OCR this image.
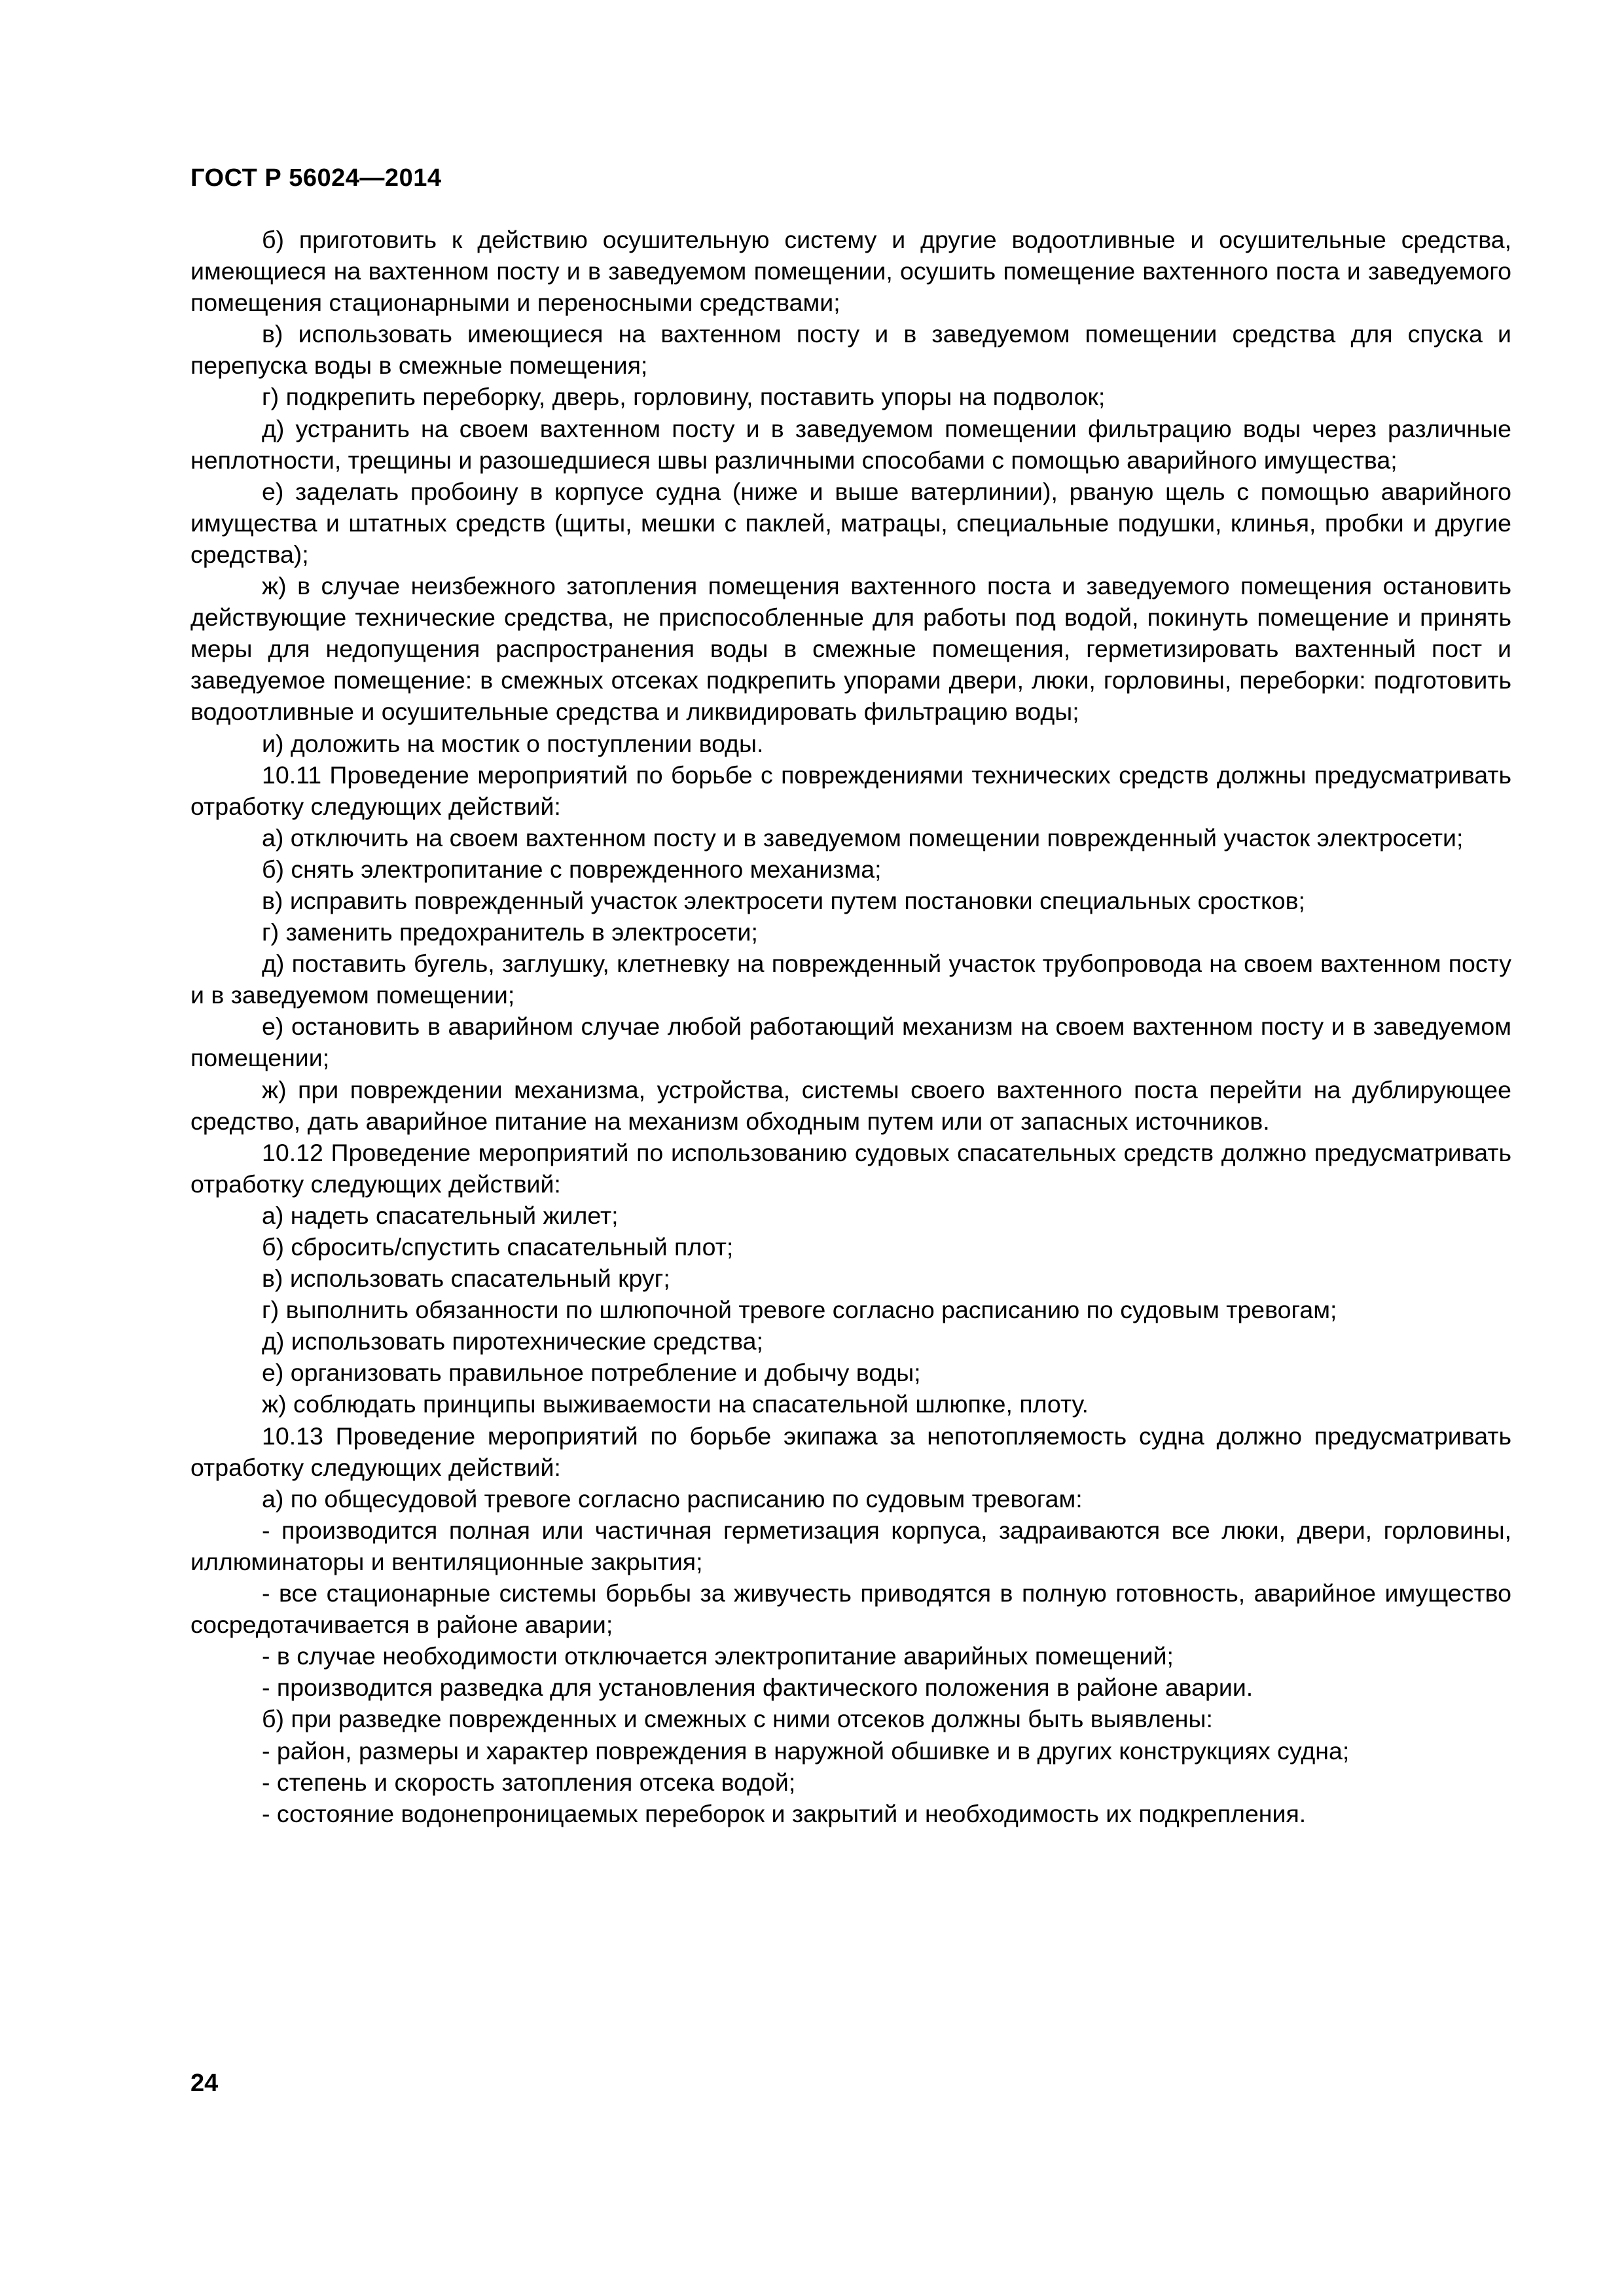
ГОСТ Р 56024—2014

б) приготовить к действию осушительную систему и другие водоотливные и осушительные средства, имеющиеся на вахтенном посту и в заведуемом помещении, осушить помещение вахтенного поста и заведуемого помещения стационарными и переносными средствами;

в) использовать имеющиеся на вахтенном посту и в заведуемом помещении средства для спуска и перепуска воды в смежные помещения;

г) подкрепить переборку, дверь, горловину, поставить упоры на подволок;

д) устранить на своем вахтенном посту и в заведуемом помещении фильтрацию воды через различные неплотности, трещины и разошедшиеся швы различными способами с помощью аварийного имущества;

е) заделать пробоину в корпусе судна (ниже и выше ватерлинии), рваную щель с помощью аварийного имущества и штатных средств (щиты, мешки с паклей, матрацы, специальные подушки, клинья, пробки и другие средства);

ж) в случае неизбежного затопления помещения вахтенного поста и заведуемого помещения остановить действующие технические средства, не приспособленные для работы под водой, покинуть помещение и принять меры для недопущения распространения воды в смежные помещения, герметизировать вахтенный пост и заведуемое помещение: в смежных отсеках подкрепить упорами двери, люки, горловины, переборки: подготовить водоотливные и осушительные средства и ликвидировать фильтрацию воды;

и) доложить на мостик о поступлении воды.

10.11 Проведение мероприятий по борьбе с повреждениями технических средств должны предусматривать отработку следующих действий:

а) отключить на своем вахтенном посту и в заведуемом помещении поврежденный участок электросети;

б) снять электропитание с поврежденного механизма;

в) исправить поврежденный участок электросети путем постановки специальных сростков;

г) заменить предохранитель в электросети;

д) поставить бугель, заглушку, клетневку на поврежденный участок трубопровода на своем вахтенном посту и в заведуемом помещении;

е) остановить в аварийном случае любой работающий механизм на своем вахтенном посту и в заведуемом помещении;

ж) при повреждении механизма, устройства, системы своего вахтенного поста перейти на дублирующее средство, дать аварийное питание на механизм обходным путем или от запасных источников.

10.12 Проведение мероприятий по использованию судовых спасательных средств должно предусматривать отработку следующих действий:

а) надеть спасательный жилет;

б) сбросить/спустить спасательный плот;

в) использовать спасательный круг;

г) выполнить обязанности по шлюпочной тревоге согласно расписанию по судовым тревогам;

д) использовать пиротехнические средства;

е) организовать правильное потребление и добычу воды;

ж) соблюдать принципы выживаемости на спасательной шлюпке, плоту.

10.13 Проведение мероприятий по борьбе экипажа за непотопляемость судна должно предусматривать отработку следующих действий:

а) по общесудовой тревоге согласно расписанию по судовым тревогам:

- производится полная или частичная герметизация корпуса, задраиваются все люки, двери, горловины, иллюминаторы и вентиляционные закрытия;

- все стационарные системы борьбы за живучесть приводятся в полную готовность, аварийное имущество сосредотачивается в районе аварии;

- в случае необходимости отключается электропитание аварийных помещений;

- производится разведка для установления фактического положения в районе аварии.

б) при разведке поврежденных и смежных с ними отсеков должны быть выявлены:

- район, размеры и характер повреждения в наружной обшивке и в других конструкциях судна;

- степень и скорость затопления отсека водой;

- состояние водонепроницаемых переборок и закрытий и необходимость их подкрепления.

24
